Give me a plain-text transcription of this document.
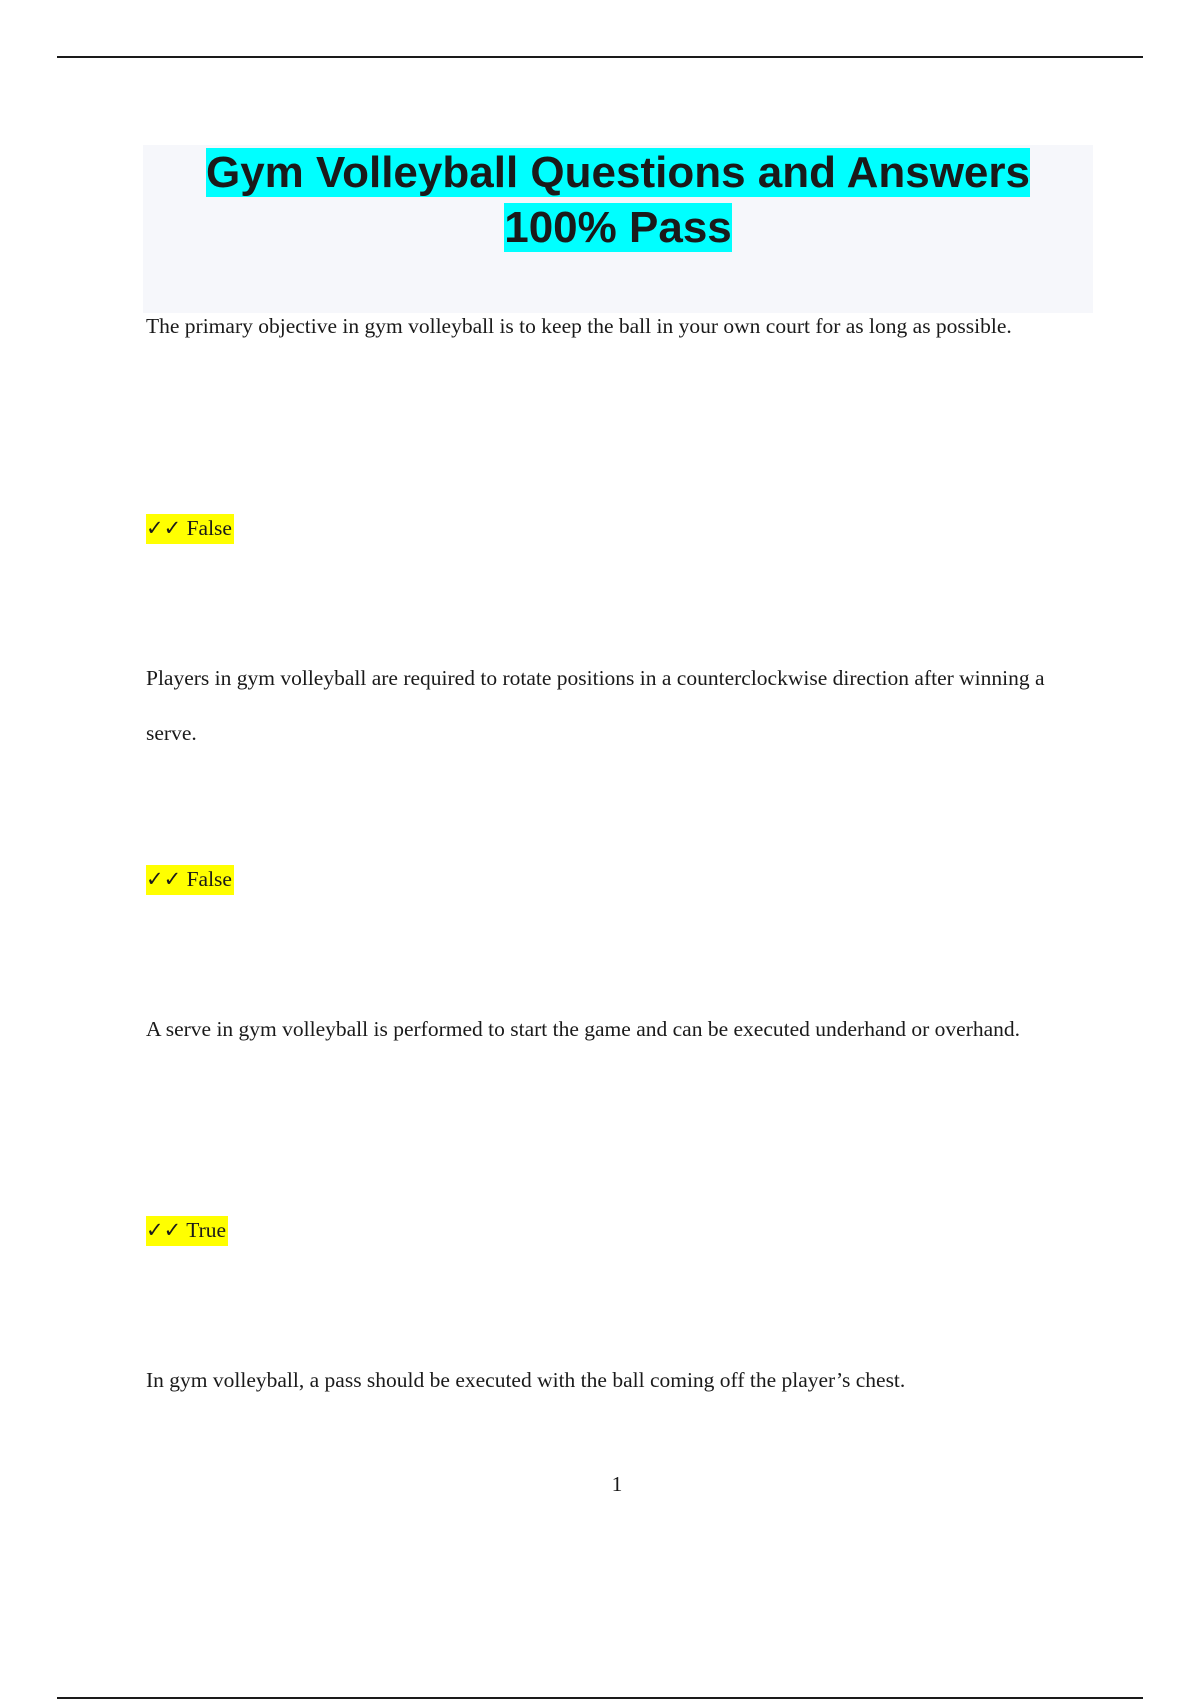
Gym Volleyball Questions and Answers
100% Pass

The primary objective in gym volleyball is to keep the ball in your own court for as long as possible.

✓✓ False

Players in gym volleyball are required to rotate positions in a counterclockwise direction after winning a serve.

✓✓ False

A serve in gym volleyball is performed to start the game and can be executed underhand or overhand.

✓✓ True

In gym volleyball, a pass should be executed with the ball coming off the player’s chest.

1
